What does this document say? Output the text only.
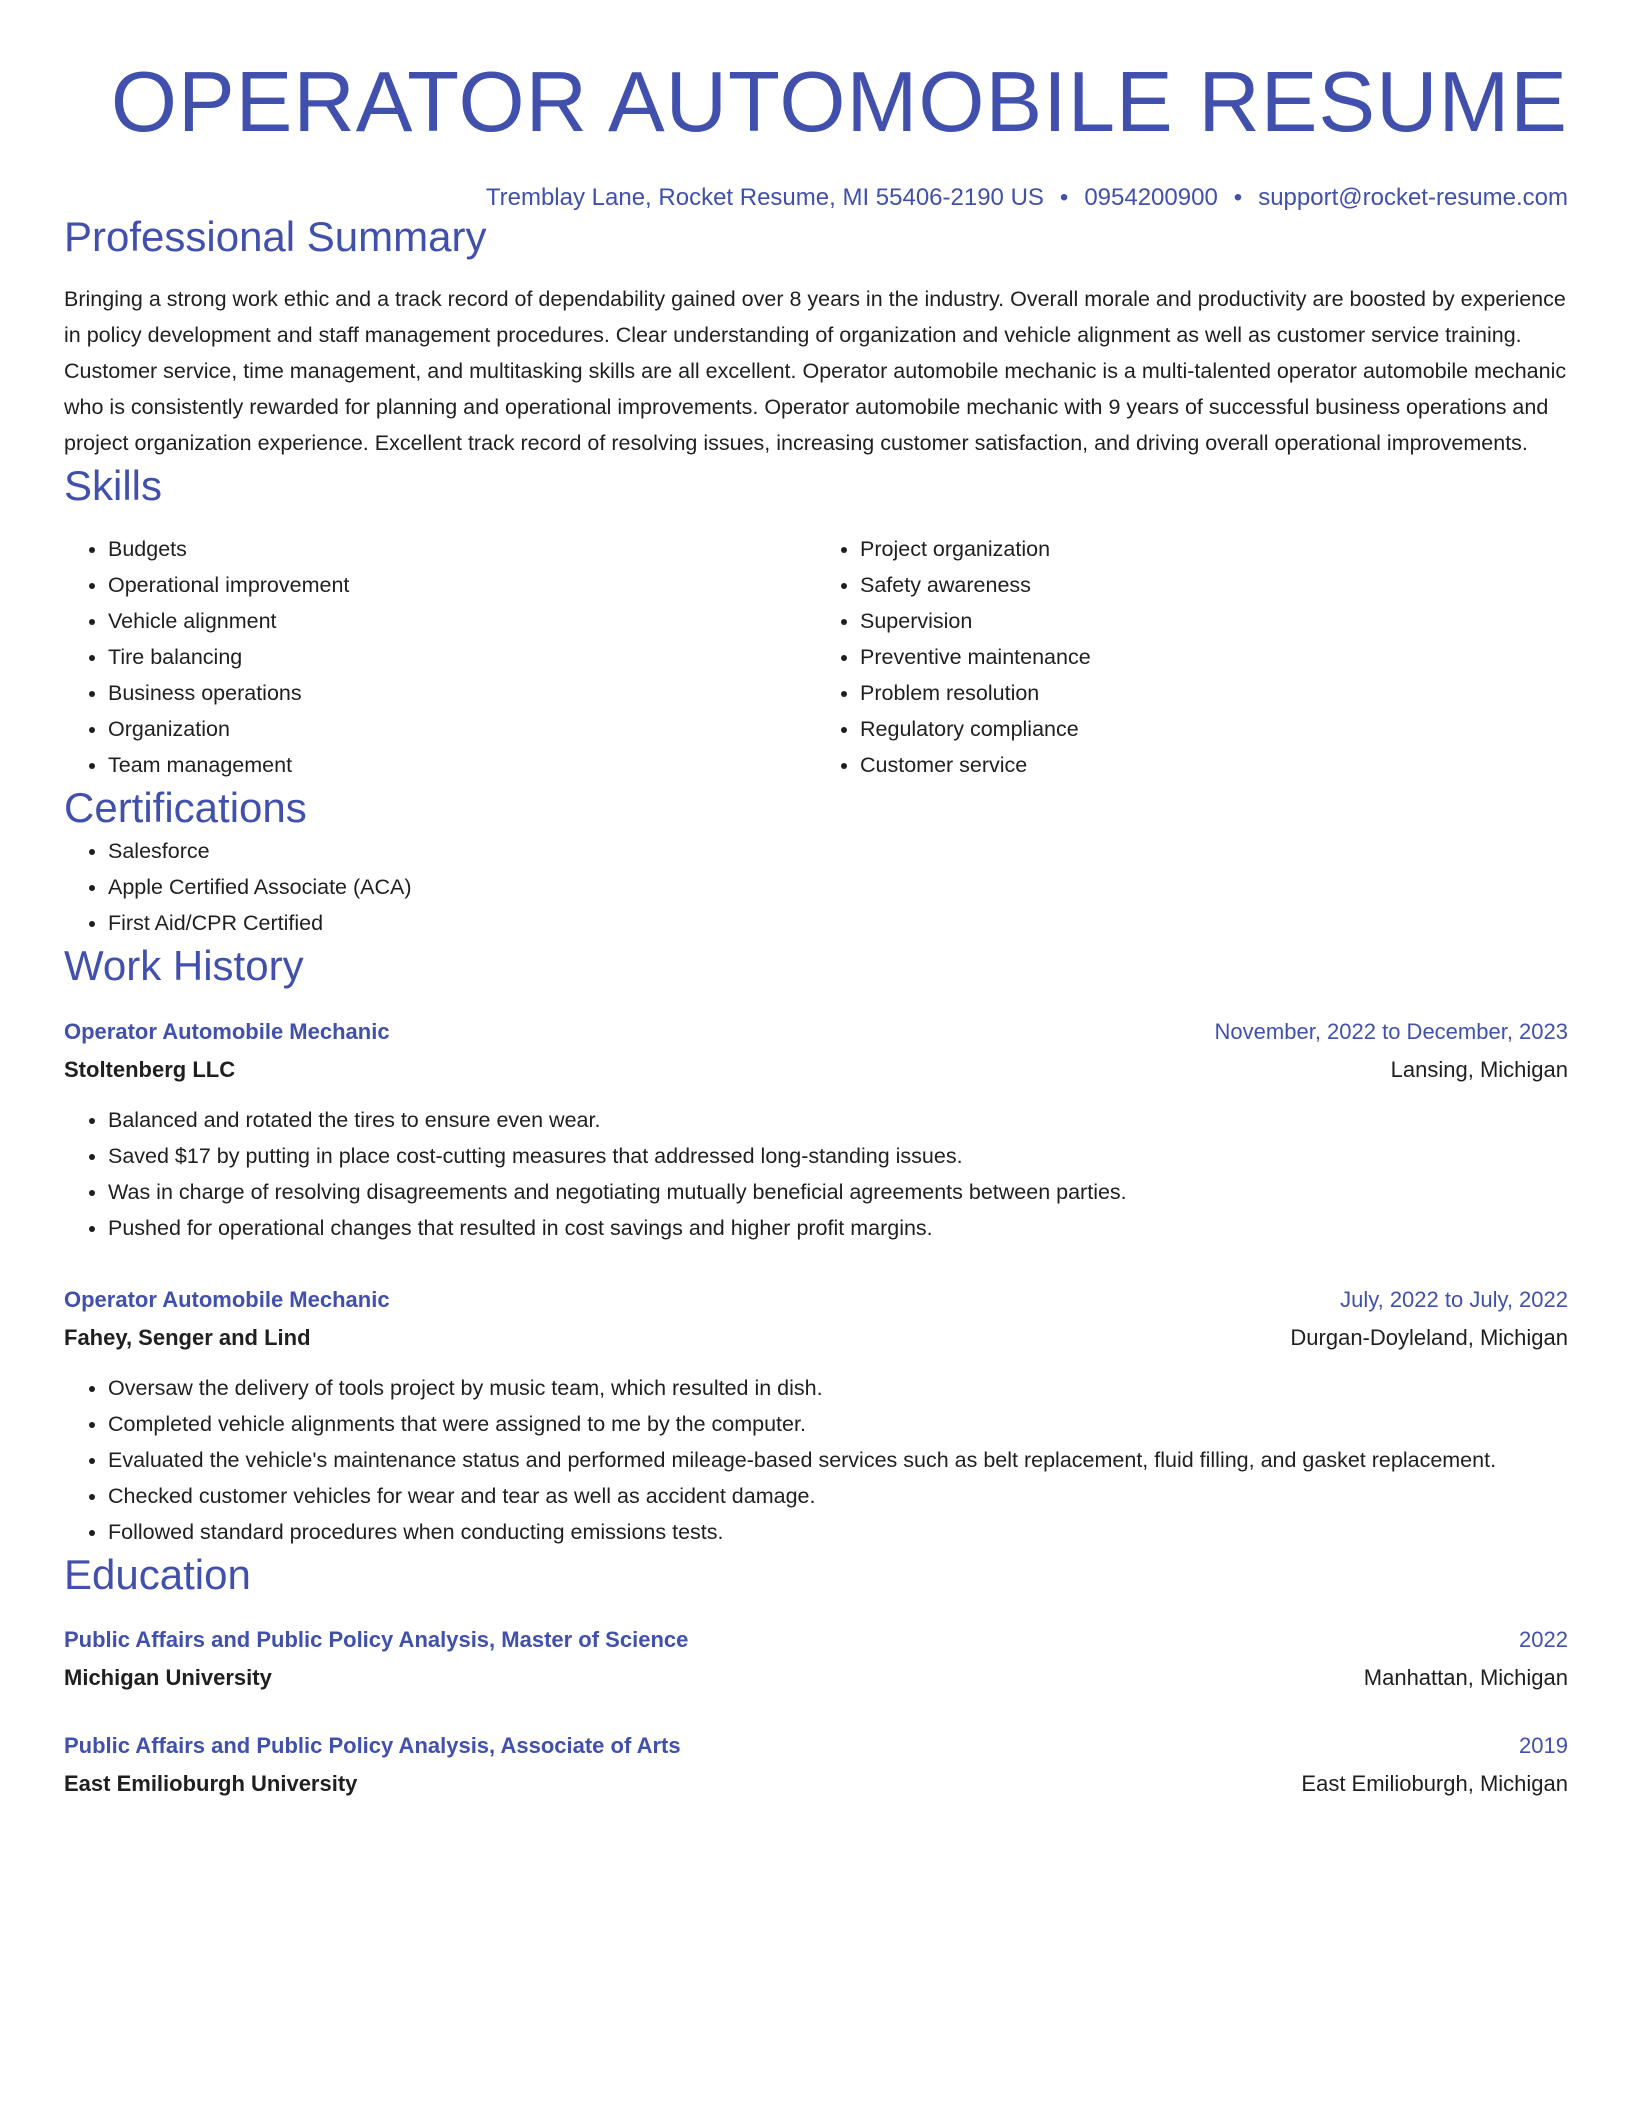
OPERATOR AUTOMOBILE RESUME
Tremblay Lane, Rocket Resume, MI 55406-2190 US • 0954200900 • support@rocket-resume.com
Professional Summary
Bringing a strong work ethic and a track record of dependability gained over 8 years in the industry. Overall morale and productivity are boosted by experience in policy development and staff management procedures. Clear understanding of organization and vehicle alignment as well as customer service training. Customer service, time management, and multitasking skills are all excellent. Operator automobile mechanic is a multi-talented operator automobile mechanic who is consistently rewarded for planning and operational improvements. Operator automobile mechanic with 9 years of successful business operations and project organization experience. Excellent track record of resolving issues, increasing customer satisfaction, and driving overall operational improvements.
Skills
• Budgets
• Operational improvement
• Vehicle alignment
• Tire balancing
• Business operations
• Organization
• Team management
• Project organization
• Safety awareness
• Supervision
• Preventive maintenance
• Problem resolution
• Regulatory compliance
• Customer service
Certifications
• Salesforce
• Apple Certified Associate (ACA)
• First Aid/CPR Certified
Work History
Operator Automobile Mechanic	November, 2022 to December, 2023
Stoltenberg LLC	Lansing, Michigan
• Balanced and rotated the tires to ensure even wear.
• Saved $17 by putting in place cost-cutting measures that addressed long-standing issues.
• Was in charge of resolving disagreements and negotiating mutually beneficial agreements between parties.
• Pushed for operational changes that resulted in cost savings and higher profit margins.
Operator Automobile Mechanic	July, 2022 to July, 2022
Fahey, Senger and Lind	Durgan-Doyleland, Michigan
• Oversaw the delivery of tools project by music team, which resulted in dish.
• Completed vehicle alignments that were assigned to me by the computer.
• Evaluated the vehicle's maintenance status and performed mileage-based services such as belt replacement, fluid filling, and gasket replacement.
• Checked customer vehicles for wear and tear as well as accident damage.
• Followed standard procedures when conducting emissions tests.
Education
Public Affairs and Public Policy Analysis, Master of Science	2022
Michigan University	Manhattan, Michigan
Public Affairs and Public Policy Analysis, Associate of Arts	2019
East Emilioburgh University	East Emilioburgh, Michigan
